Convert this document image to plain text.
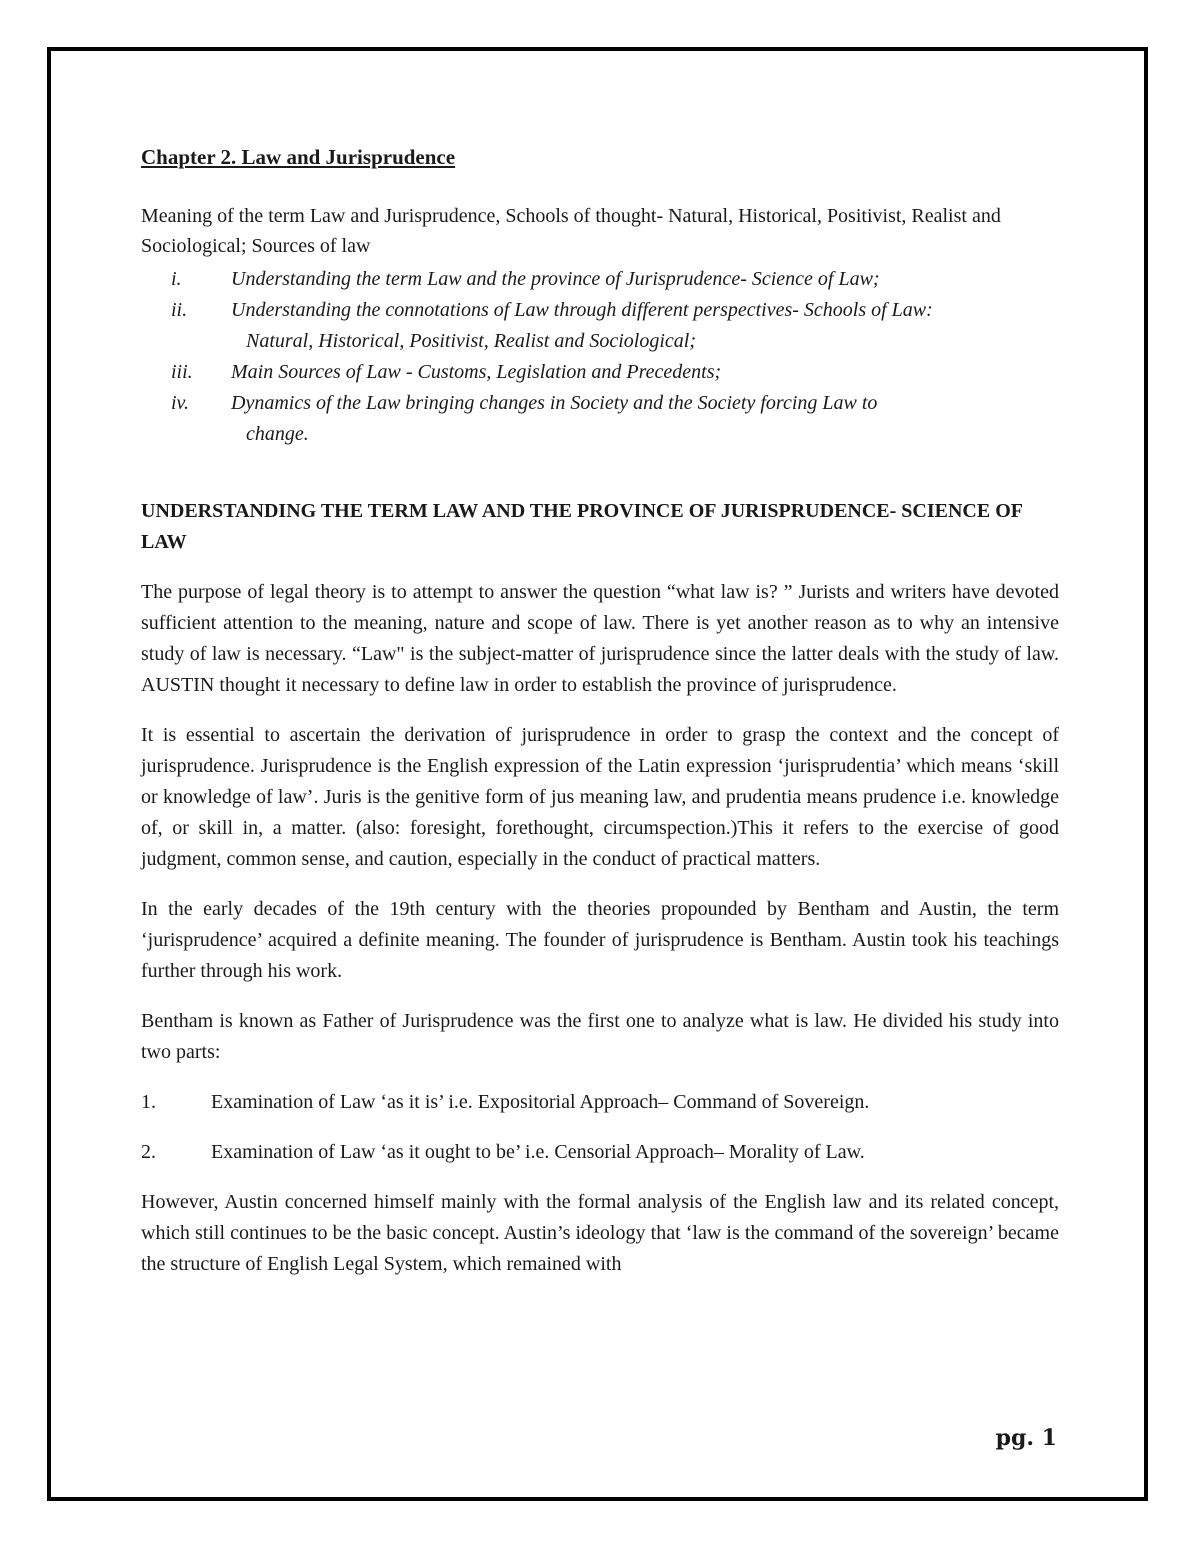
Chapter 2. Law and Jurisprudence

Meaning of the term Law and Jurisprudence, Schools of thought- Natural, Historical, Positivist, Realist and Sociological; Sources of law

i.	Understanding the term Law and the province of Jurisprudence- Science of Law;
ii.	Understanding the connotations of Law through different perspectives- Schools of Law:
Natural, Historical, Positivist, Realist and Sociological;
iii.	Main Sources of Law - Customs, Legislation and Precedents;
iv.	Dynamics of the Law bringing changes in Society and the Society forcing Law to
change.
UNDERSTANDING THE TERM LAW AND THE PROVINCE OF JURISPRUDENCE- SCIENCE OF LAW

The purpose of legal theory is to attempt to answer the question “what law is? ” Jurists and writers have devoted sufficient attention to the meaning, nature and scope of law. There is yet another reason as to why an intensive study of law is necessary. “Law" is the subject-matter of jurisprudence since the latter deals with the study of law. AUSTIN thought it necessary to define law in order to establish the province of jurisprudence.

It is essential to ascertain the derivation of jurisprudence in order to grasp the context and the concept of jurisprudence. Jurisprudence is the English expression of the Latin expression ‘jurisprudentia’ which means ‘skill or knowledge of law’. Juris is the genitive form of jus meaning law, and prudentia means prudence i.e. knowledge of, or skill in, a matter. (also: foresight, forethought, circumspection.)This it refers to the exercise of good judgment, common sense, and caution, especially in the conduct of practical matters.

In the early decades of the 19th century with the theories propounded by Bentham and Austin, the term ‘jurisprudence’ acquired a definite meaning. The founder of jurisprudence is Bentham. Austin took his teachings further through his work.

Bentham is known as Father of Jurisprudence was the first one to analyze what is law. He divided his study into two parts:

1.	Examination of Law ‘as it is’ i.e. Expositorial Approach– Command of Sovereign.
2.	Examination of Law ‘as it ought to be’ i.e. Censorial Approach– Morality of Law.

However, Austin concerned himself mainly with the formal analysis of the English law and its related concept, which still continues to be the basic concept. Austin’s ideology that ‘law is the command of the sovereign’ became the structure of English Legal System, which remained with

pg. 1
